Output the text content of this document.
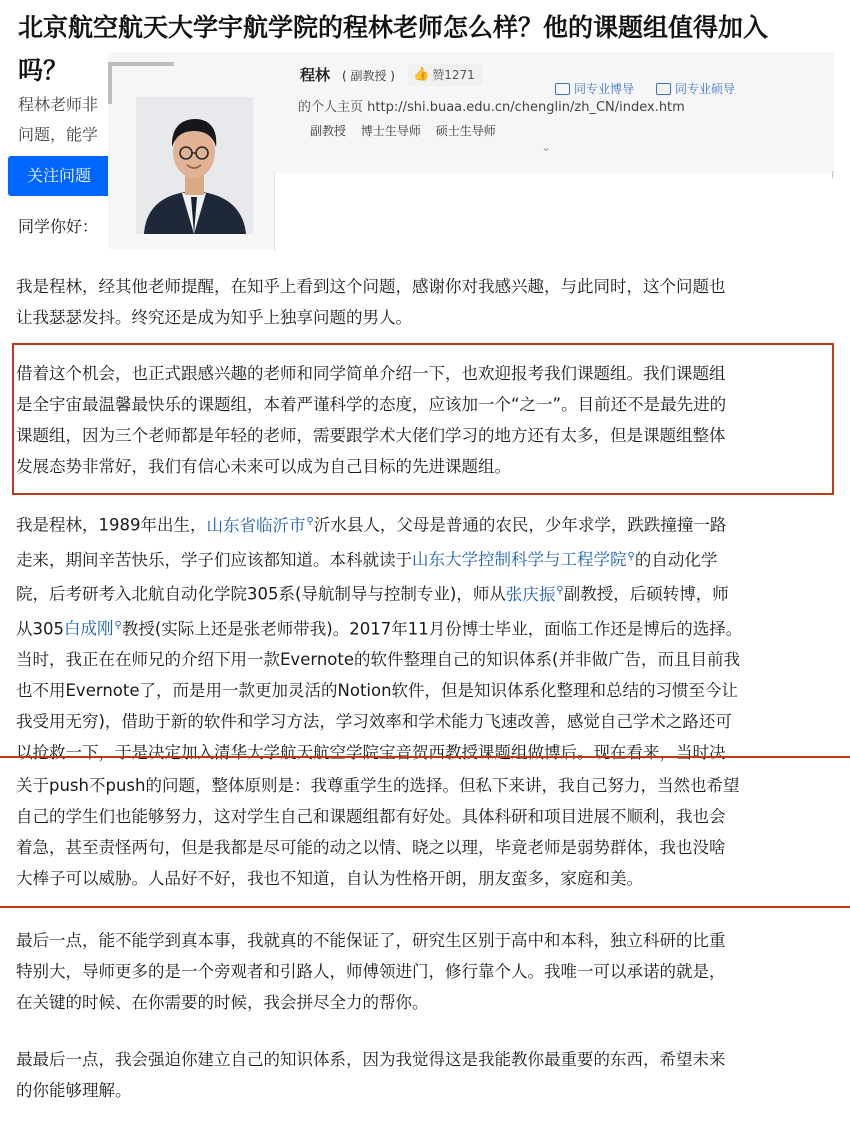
北京航空航天大学宇航学院的程林老师怎么样？他的课题组值得加入
吗？
程林老师非
问题，能学
关注问题
同学你好：
程林 ( 副教授 ) 👍 赞1271
同专业博导	同专业硕导
的个人主页 http://shi.buaa.edu.cn/chenglin/zh_CN/index.htm
副教授 博士生导师 硕士生导师
⌄
⁞
我是程林，经其他老师提醒，在知乎上看到这个问题，感谢你对我感兴趣，与此同时，这个问题也
让我瑟瑟发抖。终究还是成为知乎上独享问题的男人。
借着这个机会，也正式跟感兴趣的老师和同学简单介绍一下，也欢迎报考我们课题组。我们课题组
是全宇宙最温馨最快乐的课题组，本着严谨科学的态度，应该加一个“之一”。目前还不是最先进的
课题组，因为三个老师都是年轻的老师，需要跟学术大佬们学习的地方还有太多，但是课题组整体
发展态势非常好，我们有信心未来可以成为自己目标的先进课题组。
我是程林，1989年出生，山东省临沂市⚲沂水县人，父母是普通的农民，少年求学，跌跌撞撞一路
走来，期间辛苦快乐，学子们应该都知道。本科就读于山东大学控制科学与工程学院⚲的自动化学
院，后考研考入北航自动化学院305系(导航制导与控制专业)，师从张庆振⚲副教授，后硕转博，师
从305白成刚⚲教授(实际上还是张老师带我)。2017年11月份博士毕业，面临工作还是博后的选择。
当时，我正在在师兄的介绍下用一款Evernote的软件整理自己的知识体系(并非做广告，而且目前我
也不用Evernote了，而是用一款更加灵活的Notion软件，但是知识体系化整理和总结的习惯至今让
我受用无穷)，借助于新的软件和学习方法，学习效率和学术能力飞速改善，感觉自己学术之路还可
以抢救一下，于是决定加入清华大学航天航空学院宝音贺西教授课题组做博后。现在看来，当时决
关于push不push的问题，整体原则是：我尊重学生的选择。但私下来讲，我自己努力，当然也希望
自己的学生们也能够努力，这对学生自己和课题组都有好处。具体科研和项目进展不顺利，我也会
着急，甚至责怪两句，但是我都是尽可能的动之以情、晓之以理，毕竟老师是弱势群体，我也没啥
大棒子可以威胁。人品好不好，我也不知道，自认为性格开朗，朋友蛮多，家庭和美。
最后一点，能不能学到真本事，我就真的不能保证了，研究生区别于高中和本科，独立科研的比重
特别大，导师更多的是一个旁观者和引路人，师傅领进门，修行靠个人。我唯一可以承诺的就是，
在关键的时候、在你需要的时候，我会拼尽全力的帮你。
最最后一点，我会强迫你建立自己的知识体系，因为我觉得这是我能教你最重要的东西，希望未来
的你能够理解。
